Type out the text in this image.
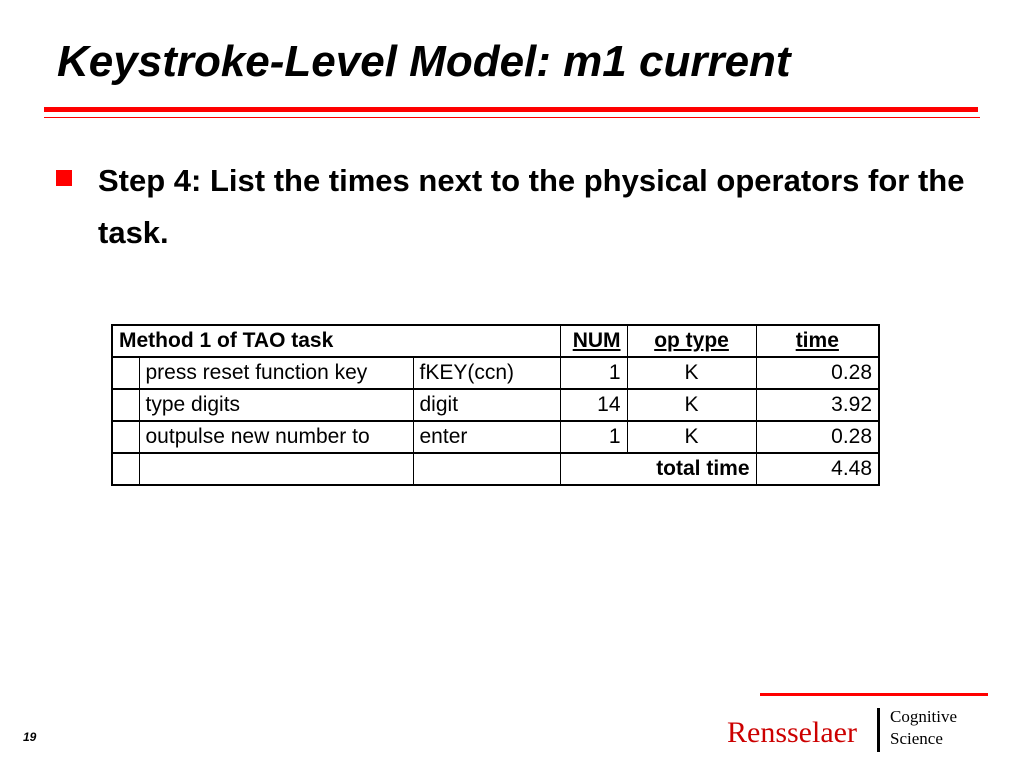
Keystroke-Level Model: m1 current

Step 4: List the times next to the physical operators for the task.

Method 1 of TAO task			NUM	op type	time
	press reset function key	fKEY(ccn)	1	K	0.28
	type digits	digit	14	K	3.92
	outpulse new number to	enter	1	K	0.28
			total time		4.48
19	Rensselaer Cognitive
Science
